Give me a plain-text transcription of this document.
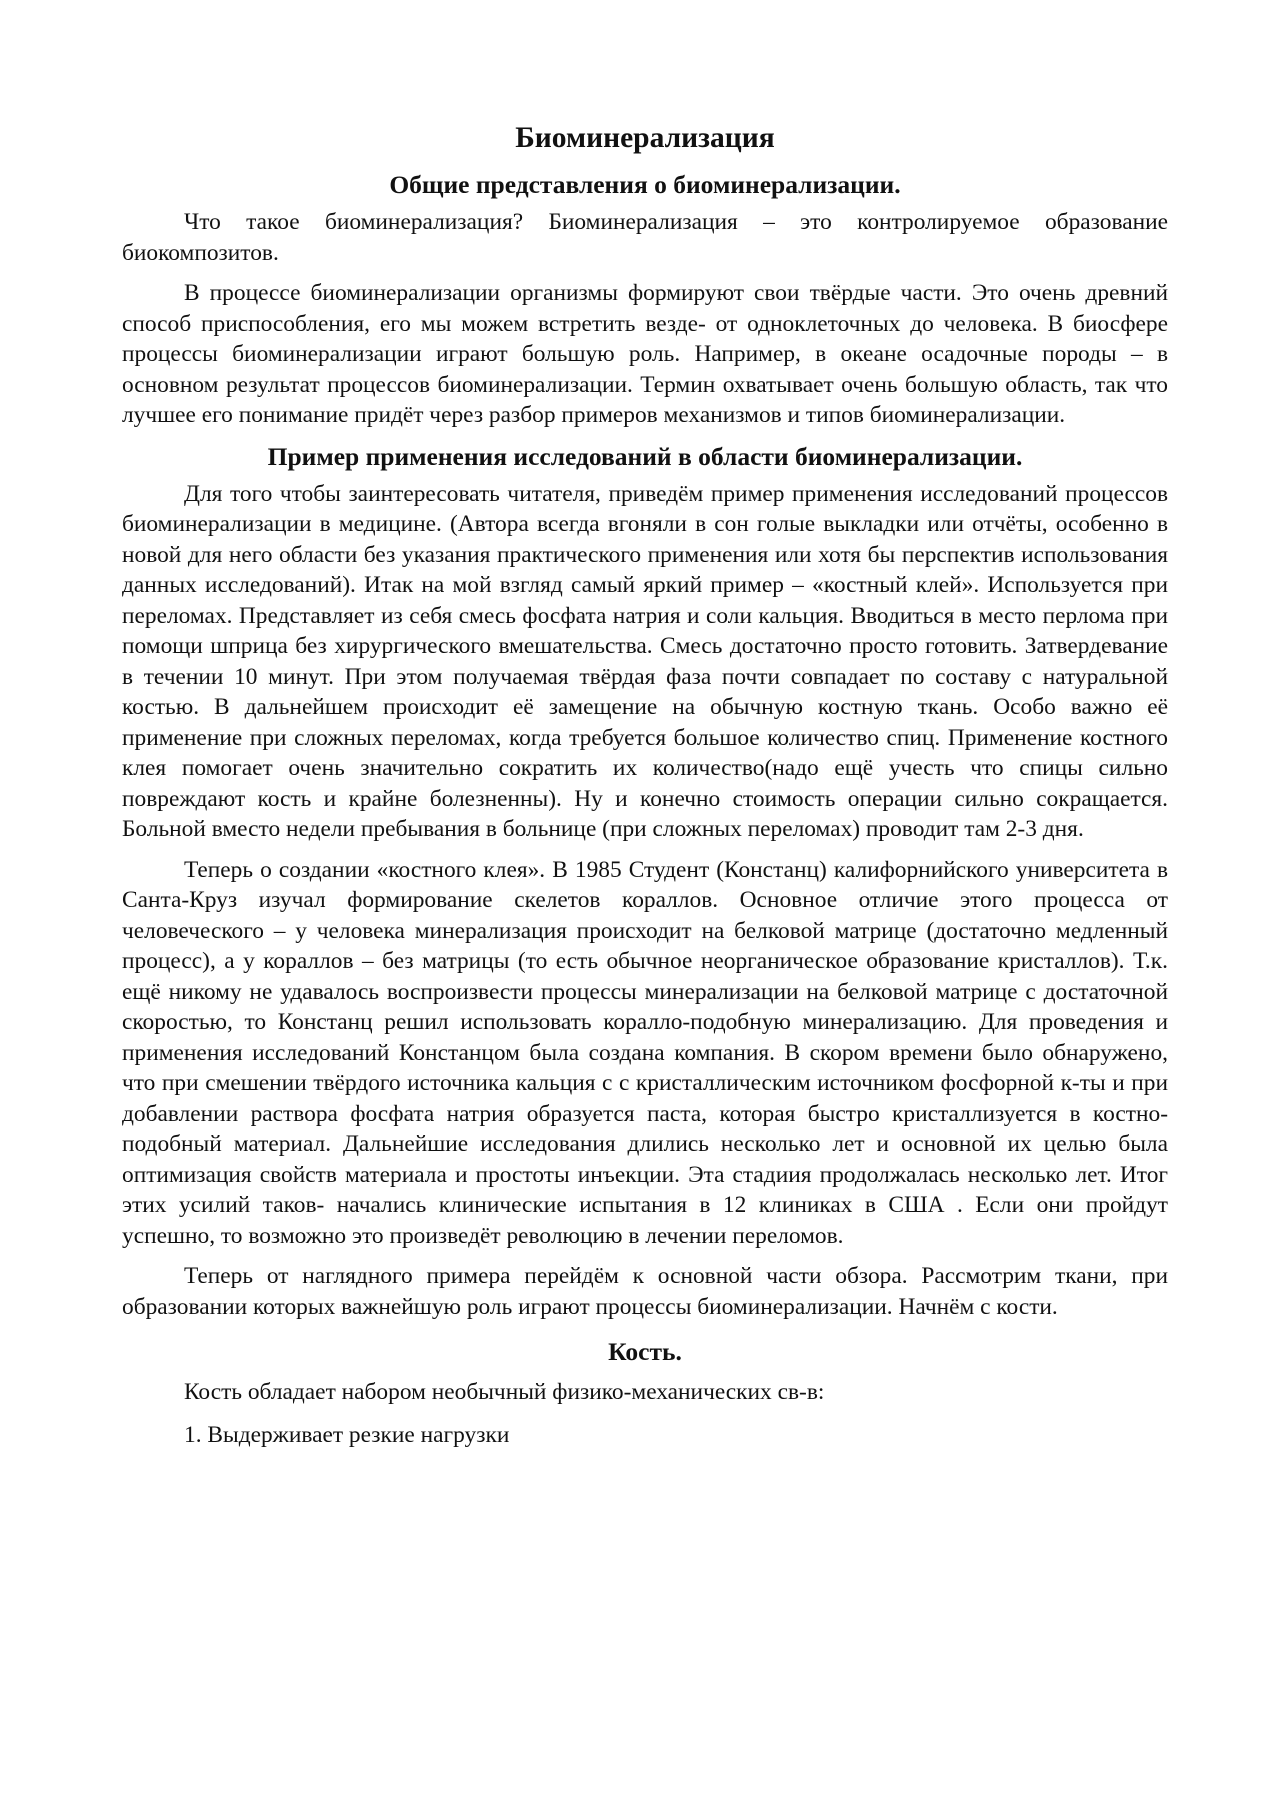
Биоминерализация
Общие представления о биоминерализации.

Что такое биоминерализация? Биоминерализация – это контролируемое образование биокомпозитов.

В процессе биоминерализации организмы формируют свои твёрдые части. Это очень древний способ приспособления, его мы можем встретить везде- от одноклеточных до человека. В биосфере процессы биоминерализации играют большую роль. Например, в океане осадочные породы – в основном результат процессов биоминерализации. Термин охватывает очень большую область, так что лучшее его понимание придёт через разбор примеров механизмов и типов биоминерализации.

Пример применения исследований в области биоминерализации.

Для того чтобы заинтересовать читателя, приведём пример применения исследований процессов биоминерализации в медицине. (Автора всегда вгоняли в сон голые выкладки или отчёты, особенно в новой для него области без указания практического применения или хотя бы перспектив использования данных исследований). Итак на мой взгляд самый яркий пример – «костный клей». Используется при переломах. Представляет из себя смесь фосфата натрия и соли кальция. Вводиться в место перлома при помощи шприца без хирургического вмешательства. Смесь достаточно просто готовить. Затвердевание в течении 10 минут. При этом получаемая твёрдая фаза почти совпадает по составу с натуральной костью. В дальнейшем происходит её замещение на обычную костную ткань. Особо важно её применение при сложных переломах, когда требуется большое количество спиц. Применение костного клея помогает очень значительно сократить их количество(надо ещё учесть что спицы сильно повреждают кость и крайне болезненны). Ну и конечно стоимость операции сильно сокращается. Больной вместо недели пребывания в больнице (при сложных переломах) проводит там 2-3 дня.

Теперь о создании «костного клея». В 1985 Студент (Констанц) калифорнийского университета в Санта-Круз изучал формирование скелетов кораллов. Основное отличие этого процесса от человеческого – у человека минерализация происходит на белковой матрице (достаточно медленный процесс), а у кораллов – без матрицы (то есть обычное неорганическое образование кристаллов). Т.к. ещё никому не удавалось воспроизвести процессы минерализации на белковой матрице с достаточной скоростью, то Констанц решил использовать коралло-подобную минерализацию. Для проведения и применения исследований Констанцом была создана компания. В скором времени было обнаружено, что при смешении твёрдого источника кальция с с кристаллическим источником фосфорной к-ты и при добавлении раствора фосфата натрия образуется паста, которая быстро кристаллизуется в костно-подобный материал. Дальнейшие исследования длились несколько лет и основной их целью была оптимизация свойств материала и простоты инъекции. Эта стадиия продолжалась несколько лет. Итог этих усилий таков- начались клинические испытания в 12 клиниках в США . Если они пройдут успешно, то возможно это произведёт революцию в лечении переломов.

Теперь от наглядного примера перейдём к основной части обзора. Рассмотрим ткани, при образовании которых важнейшую роль играют процессы биоминерализации. Начнём с кости.

Кость.

Кость обладает набором необычный физико-механических св-в:

1. Выдерживает резкие нагрузки
